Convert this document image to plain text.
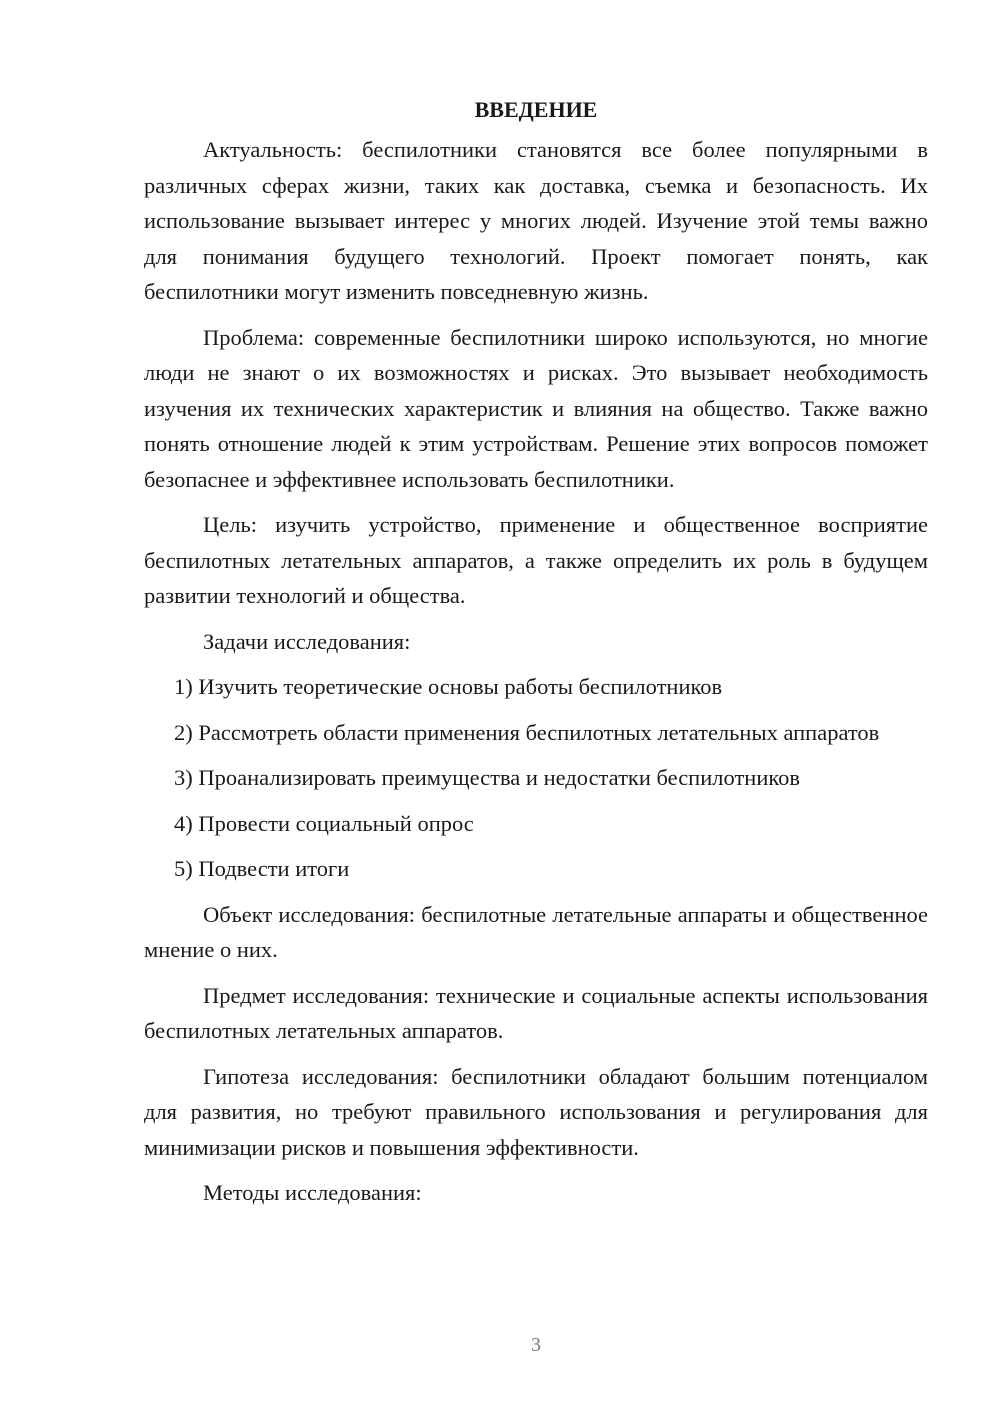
ВВЕДЕНИЕ

Актуальность: беспилотники становятся все более популярными в различных сферах жизни, таких как доставка, съемка и безопасность. Их использование вызывает интерес у многих людей. Изучение этой темы важно для понимания будущего технологий. Проект помогает понять, как беспилотники могут изменить повседневную жизнь.

Проблема: современные беспилотники широко используются, но многие люди не знают о их возможностях и рисках. Это вызывает необходимость изучения их технических характеристик и влияния на общество. Также важно понять отношение людей к этим устройствам. Решение этих вопросов поможет безопаснее и эффективнее использовать беспилотники.

Цель: изучить устройство, применение и общественное восприятие беспилотных летательных аппаратов, а также определить их роль в будущем развитии технологий и общества.

Задачи исследования:

1) Изучить теоретические основы работы беспилотников

2) Рассмотреть области применения беспилотных летательных аппаратов

3) Проанализировать преимущества и недостатки беспилотников

4) Провести социальный опрос

5) Подвести итоги

Объект исследования: беспилотные летательные аппараты и общественное мнение о них.

Предмет исследования: технические и социальные аспекты использования беспилотных летательных аппаратов.

Гипотеза исследования: беспилотники обладают большим потенциалом для развития, но требуют правильного использования и регулирования для минимизации рисков и повышения эффективности.

Методы исследования:

3
